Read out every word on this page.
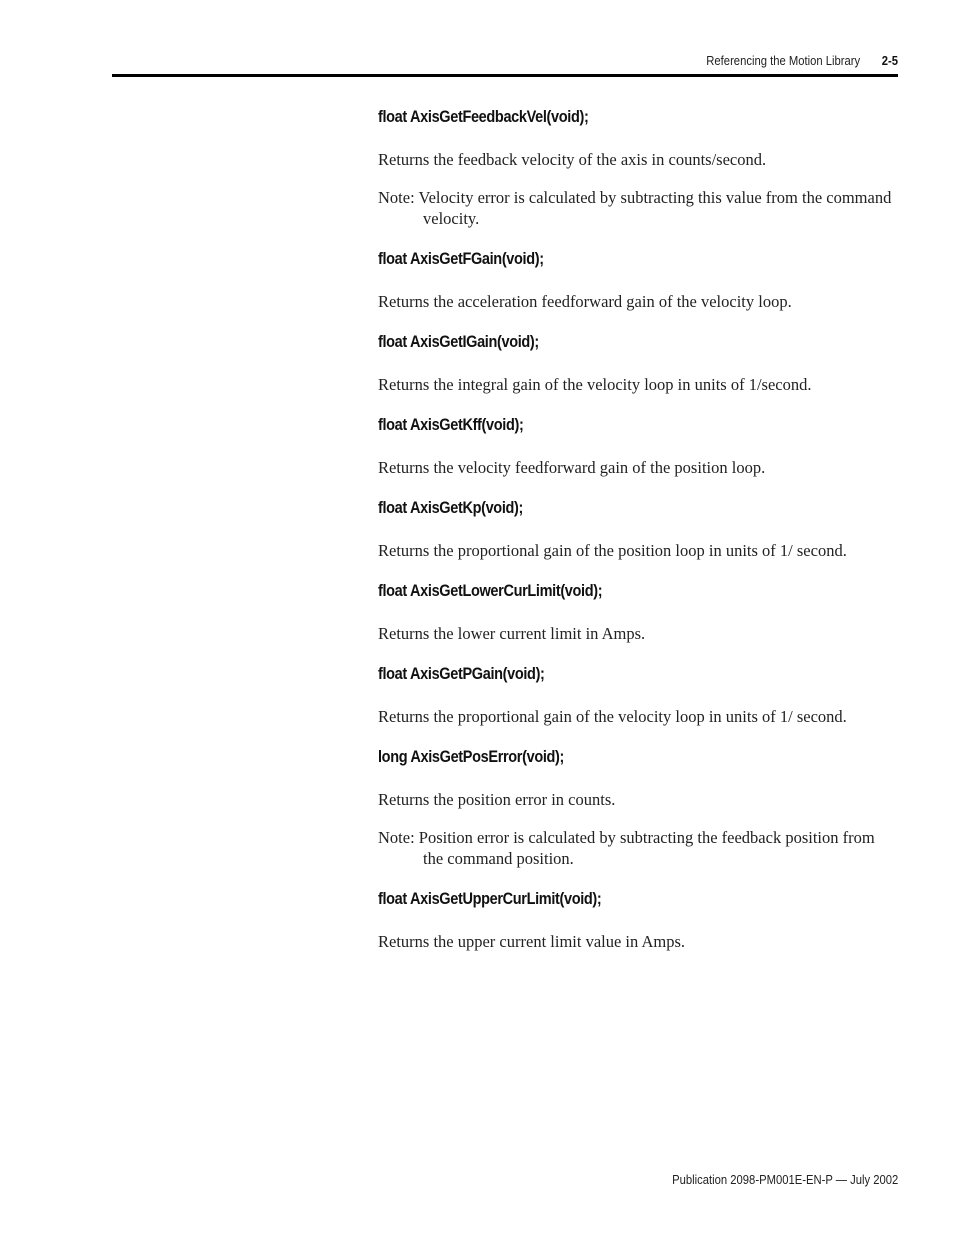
Referencing the Motion Library 2-5
float AxisGetFeedbackVel(void);

Returns the feedback velocity of the axis in counts/second.

Note: Velocity error is calculated by subtracting this value from the command velocity.

float AxisGetFGain(void);

Returns the acceleration feedforward gain of the velocity loop.

float AxisGetIGain(void);

Returns the integral gain of the velocity loop in units of 1/second.

float AxisGetKff(void);

Returns the velocity feedforward gain of the position loop.

float AxisGetKp(void);

Returns the proportional gain of the position loop in units of 1/ second.

float AxisGetLowerCurLimit(void);

Returns the lower current limit in Amps.

float AxisGetPGain(void);

Returns the proportional gain of the velocity loop in units of 1/ second.

long AxisGetPosError(void);

Returns the position error in counts.

Note: Position error is calculated by subtracting the feedback position from the command position.

float AxisGetUpperCurLimit(void);

Returns the upper current limit value in Amps.

Publication 2098-PM001E-EN-P — July 2002
